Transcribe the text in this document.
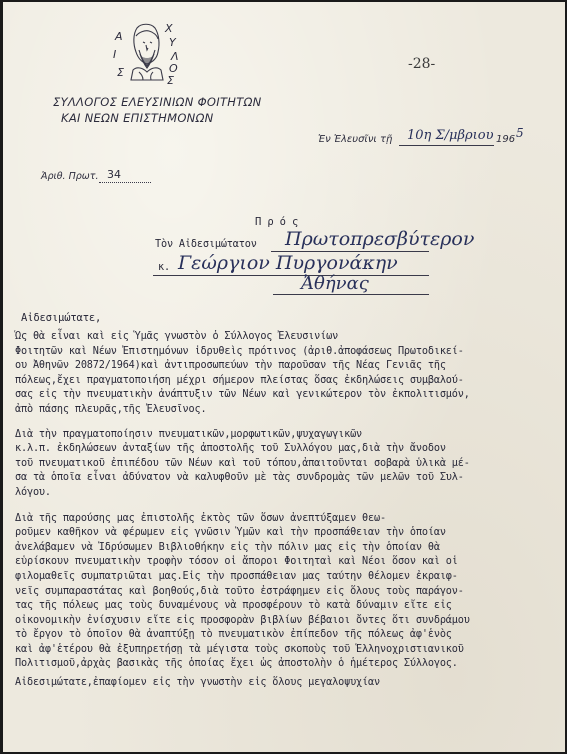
Α
Ι
Σ
Χ
Υ
Λ
Ο
Σ
-28-
ΣΥΛΛΟΓΟΣ ΕΛΕΥΣΙΝΙΩΝ ΦΟΙΤΗΤΩΝ
ΚΑΙ ΝΕΩΝ ΕΠΙΣΤΗΜΟΝΩΝ
Ἐν Ἐλευσῖνι τῇ 10η Σ/μβριου 196 5
Ἀριθ. Πρωτ. 34
Π ρ ό ς
Τὸν Αἰδεσιμώτατον Πρωτοπρεσβύτερον
κ. Γεώργιον Πυργονάκην
Ἀθήνας
Αἰδεσιμώτατε,

Ὡς θὰ εἶναι καὶ εἰς Ὑμᾶς γνωστὸν ὁ Σύλλογος Ἐλευσινίων

Φοιτητῶν καὶ Νέων Ἐπιστημόνων ἱδρυθεὶς πρότινος (ἀριθ.ἀποφάσεως Πρωτοδικεί-

ου Ἀθηνῶν 20872/1964)καὶ ἀντιπροσωπεύων τὴν παροῦσαν τῆς Νέας Γενιᾶς τῆς

πόλεως,ἔχει πραγματοποιήση μέχρι σήμερον πλείστας ὅσας ἐκδηλώσεις συμβαλού-

σας εἰς τὴν πνευματικὴν ἀνάπτυξιν τῶν Νέων καὶ γενικώτερον τὸν ἐκπολιτισμόν,

ἀπὸ πάσης πλευρᾶς,τῆς Ἐλευσῖνος.

Διὰ τὴν πραγματοποίησιν πνευματικῶν,μορφωτικῶν,ψυχαγωγικῶν

κ.λ.π. ἐκδηλώσεων ἀνταξίων τῆς ἀποστολῆς τοῦ Συλλόγου μας,διὰ τὴν ἄνοδον

τοῦ πνευματικοῦ ἐπιπέδου τῶν Νέων καὶ τοῦ τόπου,ἀπαιτοῦνται σοβαρὰ ὑλικὰ μέ-

σα τὰ ὁποῖα εἶναι ἀδύνατον νὰ καλυφθοῦν μὲ τὰς συνδρομὰς τῶν μελῶν τοῦ Συλ-

λόγου.

Διὰ τῆς παρούσης μας ἐπιστολῆς ἐκτὸς τῶν ὅσων ἀνεπτύξαμεν θεω-

ροῦμεν καθῆκον νὰ φέρωμεν εἰς γνῶσιν Ὑμῶν καὶ τὴν προσπάθειαν τὴν ὁποίαν

ἀνελάβαμεν νὰ Ἱδρύσωμεν Βιβλιοθήκην εἰς τὴν πόλιν μας εἰς τὴν ὁποίαν θὰ

εὑρίσκουν πνευματικὴν τροφὴν τόσον οἱ ἄποροι Φοιτηταὶ καὶ Νέοι ὅσον καὶ οἱ

φιλομαθεῖς συμπατριῶται μας.Εἰς τὴν προσπάθειαν μας ταύτην θέλομεν ἐκραιφ-

νεῖς συμπαραστάτας καὶ βοηθούς,διὰ τοῦτο ἐστράφημεν εἰς ὅλους τοὺς παράγον-

τας τῆς πόλεως μας τοὺς δυναμένους νὰ προσφέρουν τὸ κατὰ δύναμιν εἴτε εἰς

οἰκονομικὴν ἐνίσχυσιν εἴτε εἰς προσφορὰν βιβλίων βέβαιοι ὄντες ὅτι συνδράμου

τὸ ἔργον τὸ ὁποῖον θὰ ἀναπτύξῃ τὸ πνευματικὸν ἐπίπεδον τῆς πόλεως ἀφ'ἑνὸς

καὶ ἀφ'ἑτέρου θὰ ἐξυπηρετήσῃ τὰ μέγιστα τοὺς σκοποὺς τοῦ Ἑλληνοχριστιανικοῦ

Πολιτισμοῦ,ἀρχὰς βασικὰς τῆς ὁποίας ἔχει ὡς ἀποστολὴν ὁ ἡμέτερος Σύλλογος.

Αἰδεσιμώτατε,ἐπαφίομεν εἰς τὴν γνωστὴν εἰς ὅλους μεγαλοψυχίαν
